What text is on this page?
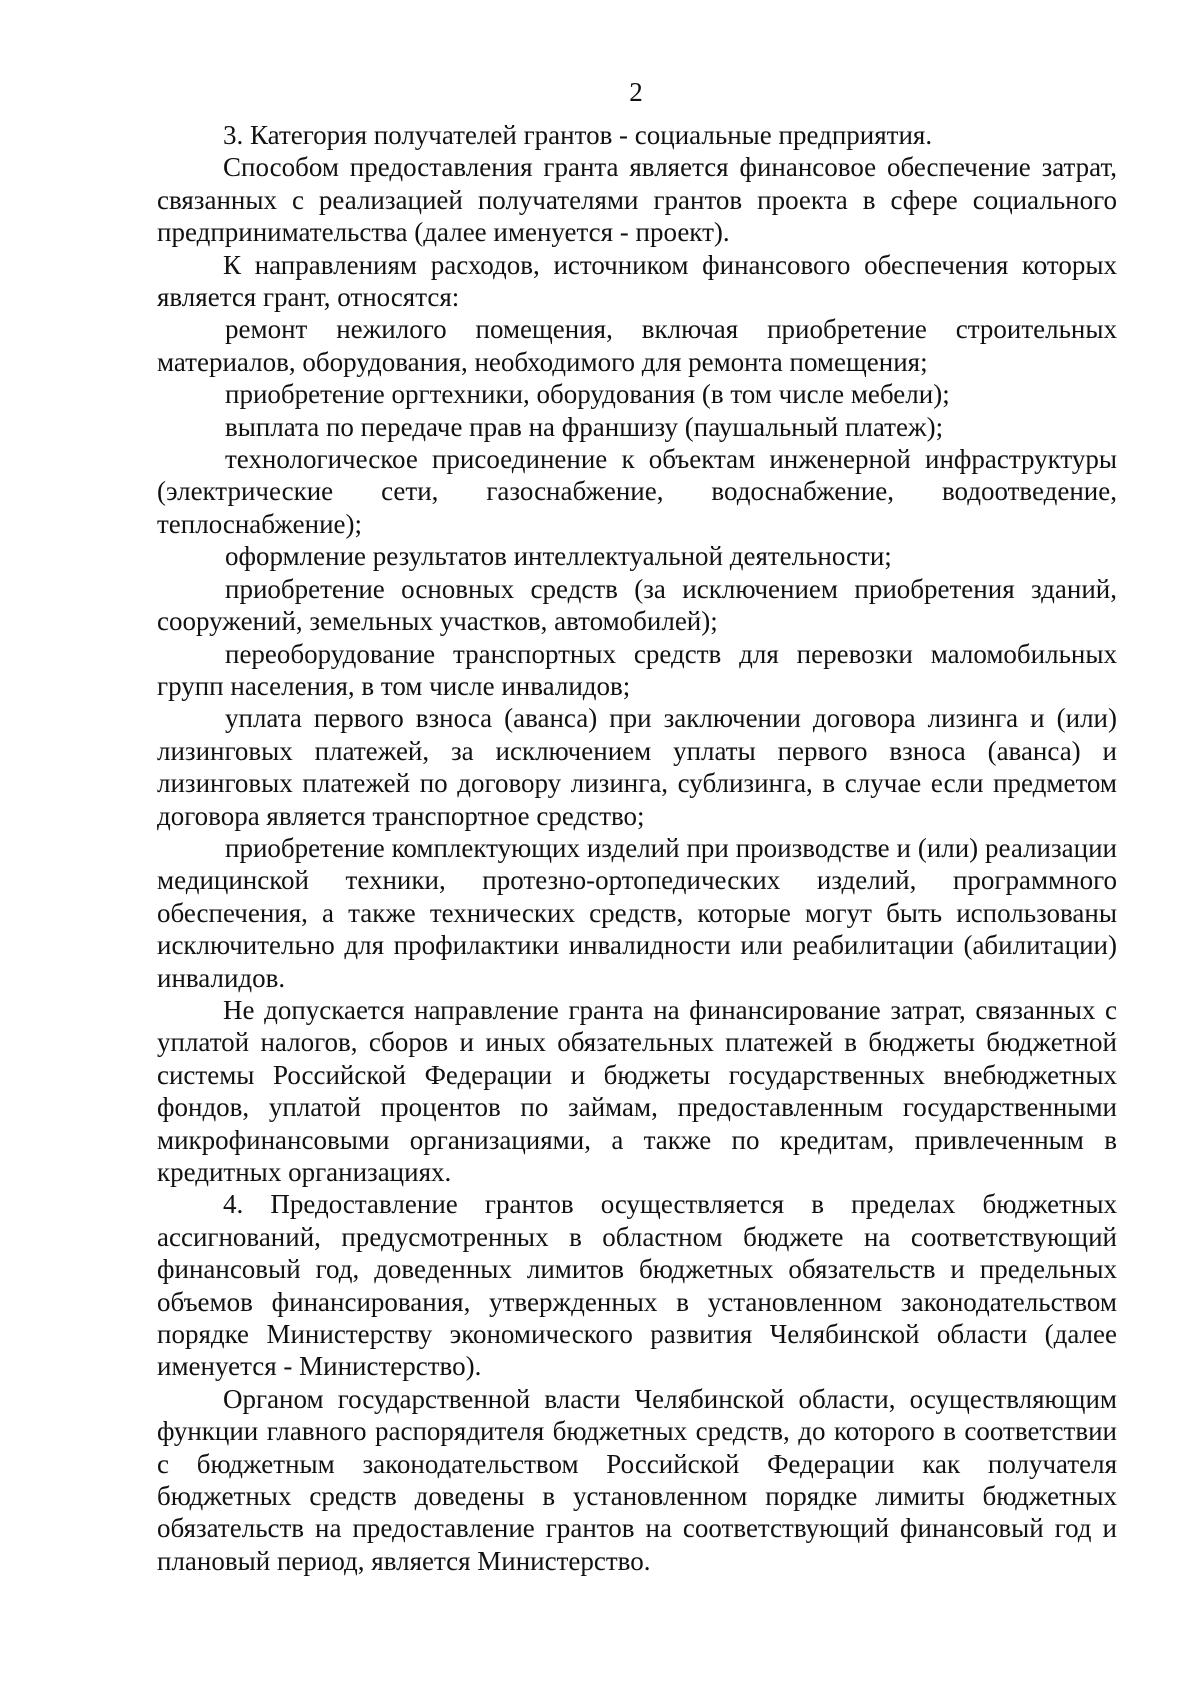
2

3. Категория получателей грантов - социальные предприятия.

Способом предоставления гранта является финансовое обеспечение затрат, связанных с реализацией получателями грантов проекта в сфере социального предпринимательства (далее именуется - проект).

К направлениям расходов, источником финансового обеспечения которых является грант, относятся:

ремонт нежилого помещения, включая приобретение строительных материалов, оборудования, необходимого для ремонта помещения;

приобретение оргтехники, оборудования (в том числе мебели);

выплата по передаче прав на франшизу (паушальный платеж);

технологическое присоединение к объектам инженерной инфраструктуры (электрические сети, газоснабжение, водоснабжение, водоотведение, теплоснабжение);

оформление результатов интеллектуальной деятельности;

приобретение основных средств (за исключением приобретения зданий, сооружений, земельных участков, автомобилей);

переоборудование транспортных средств для перевозки маломобильных групп населения, в том числе инвалидов;

уплата первого взноса (аванса) при заключении договора лизинга и (или) лизинговых платежей, за исключением уплаты первого взноса (аванса) и лизинговых платежей по договору лизинга, сублизинга, в случае если предметом договора является транспортное средство;

приобретение комплектующих изделий при производстве и (или) реализации медицинской техники, протезно-ортопедических изделий, программного обеспечения, а также технических средств, которые могут быть использованы исключительно для профилактики инвалидности или реабилитации (абилитации) инвалидов.

Не допускается направление гранта на финансирование затрат, связанных с уплатой налогов, сборов и иных обязательных платежей в бюджеты бюджетной системы Российской Федерации и бюджеты государственных внебюджетных фондов, уплатой процентов по займам, предоставленным государственными микрофинансовыми организациями, а также по кредитам, привлеченным в кредитных организациях.

4. Предоставление грантов осуществляется в пределах бюджетных ассигнований, предусмотренных в областном бюджете на соответствующий финансовый год, доведенных лимитов бюджетных обязательств и предельных объемов финансирования, утвержденных в установленном законодательством порядке Министерству экономического развития Челябинской области (далее именуется - Министерство).

Органом государственной власти Челябинской области, осуществляющим функции главного распорядителя бюджетных средств, до которого в соответствии с бюджетным законодательством Российской Федерации как получателя бюджетных средств доведены в установленном порядке лимиты бюджетных обязательств на предоставление грантов на соответствующий финансовый год и плановый период, является Министерство.
